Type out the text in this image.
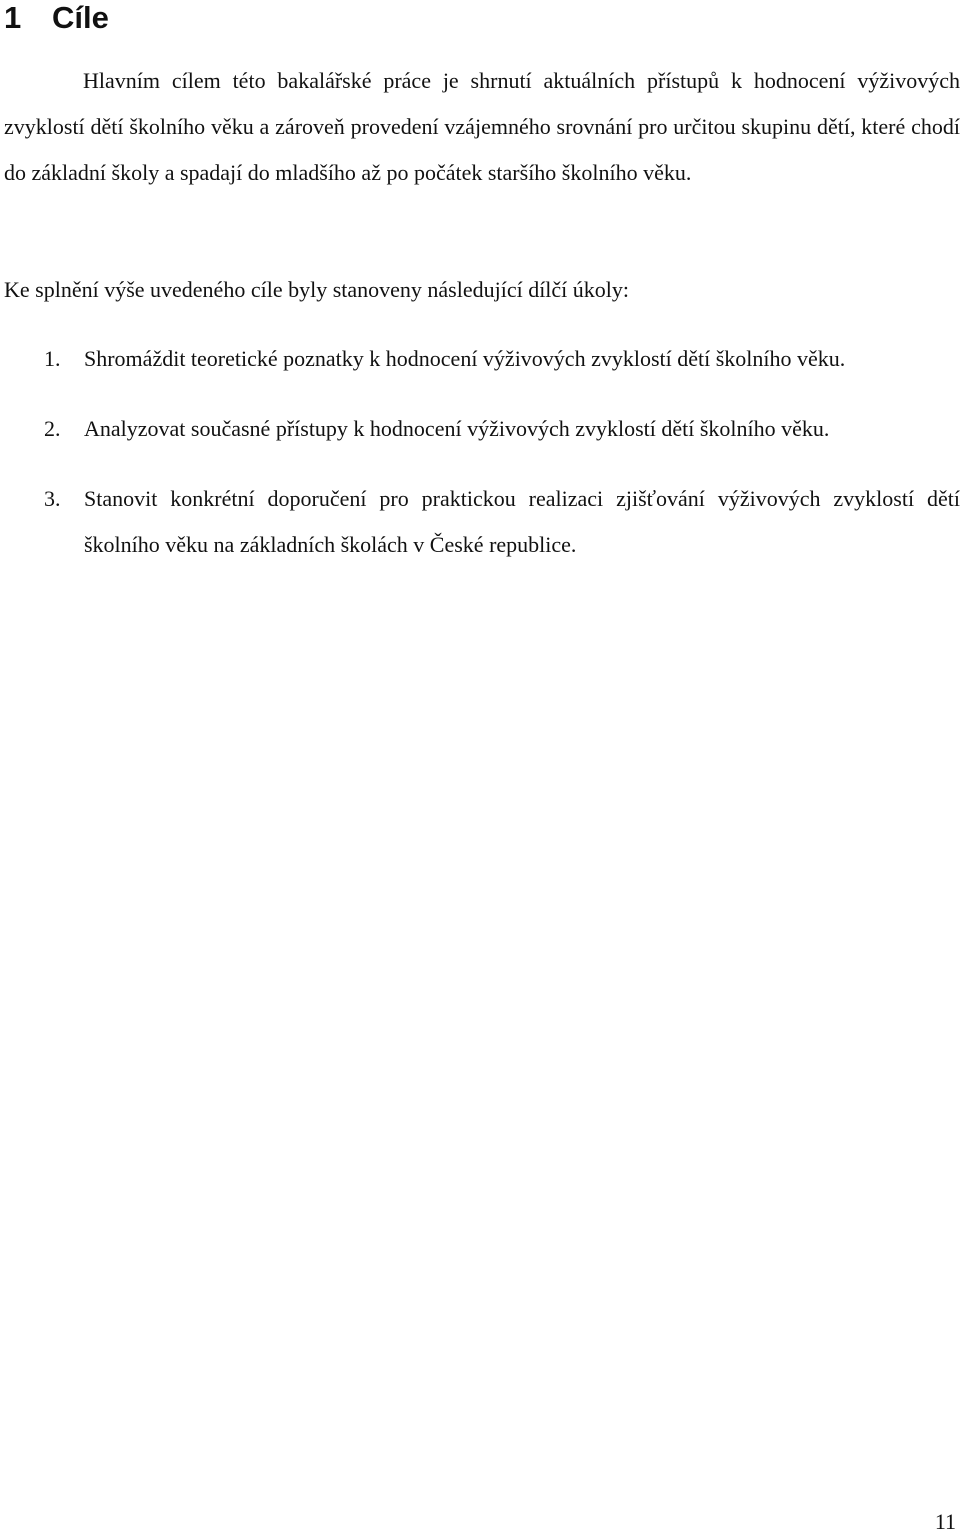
1 Cíle

Hlavním cílem této bakalářské práce je shrnutí aktuálních přístupů k hodnocení výživových zvyklostí dětí školního věku a zároveň provedení vzájemného srovnání pro určitou skupinu dětí, které chodí do základní školy a spadají do mladšího až po počátek staršího školního věku.

Ke splnění výše uvedeného cíle byly stanoveny následující dílčí úkoly:

1. Shromáždit teoretické poznatky k hodnocení výživových zvyklostí dětí školního věku.
2. Analyzovat současné přístupy k hodnocení výživových zvyklostí dětí školního věku.
3. Stanovit konkrétní doporučení pro praktickou realizaci zjišťování výživových zvyklostí dětí školního věku na základních školách v České republice.
11
